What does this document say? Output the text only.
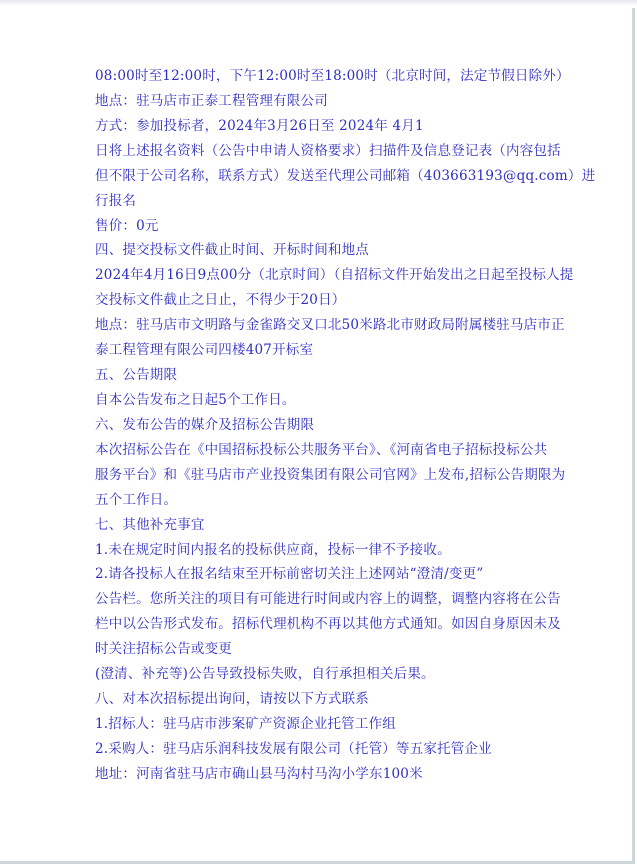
08:00时至12:00时，下午12:00时至18:00时（北京时间，法定节假日除外）
地点：驻马店市正泰工程管理有限公司
方式：参加投标者，2024年3月26日至 2024年 4月1
日将上述报名资料（公告中申请人资格要求）扫描件及信息登记表（内容包括
但不限于公司名称，联系方式）发送至代理公司邮箱（403663193@qq.com）进
行报名
售价：0元
四、提交投标文件截止时间、开标时间和地点
2024年4月16日9点00分（北京时间）（自招标文件开始发出之日起至投标人提
交投标文件截止之日止，不得少于20日）
地点：驻马店市文明路与金雀路交叉口北50米路北市财政局附属楼驻马店市正
泰工程管理有限公司四楼407开标室
五、公告期限
自本公告发布之日起5个工作日。
六、发布公告的媒介及招标公告期限
本次招标公告在《中国招标投标公共服务平台》、《河南省电子招标投标公共
服务平台》和《驻马店市产业投资集团有限公司官网》上发布,招标公告期限为
五个工作日。
七、其他补充事宜
1.未在规定时间内报名的投标供应商，投标一律不予接收。
2.请各投标人在报名结束至开标前密切关注上述网站“澄清/变更”
公告栏。您所关注的项目有可能进行时间或内容上的调整，调整内容将在公告
栏中以公告形式发布。招标代理机构不再以其他方式通知。如因自身原因未及
时关注招标公告或变更
(澄清、补充等)公告导致投标失败，自行承担相关后果。
八、对本次招标提出询问，请按以下方式联系
1.招标人：驻马店市涉案矿产资源企业托管工作组
2.采购人：驻马店乐润科技发展有限公司（托管）等五家托管企业
地址：河南省驻马店市确山县马沟村马沟小学东100米
